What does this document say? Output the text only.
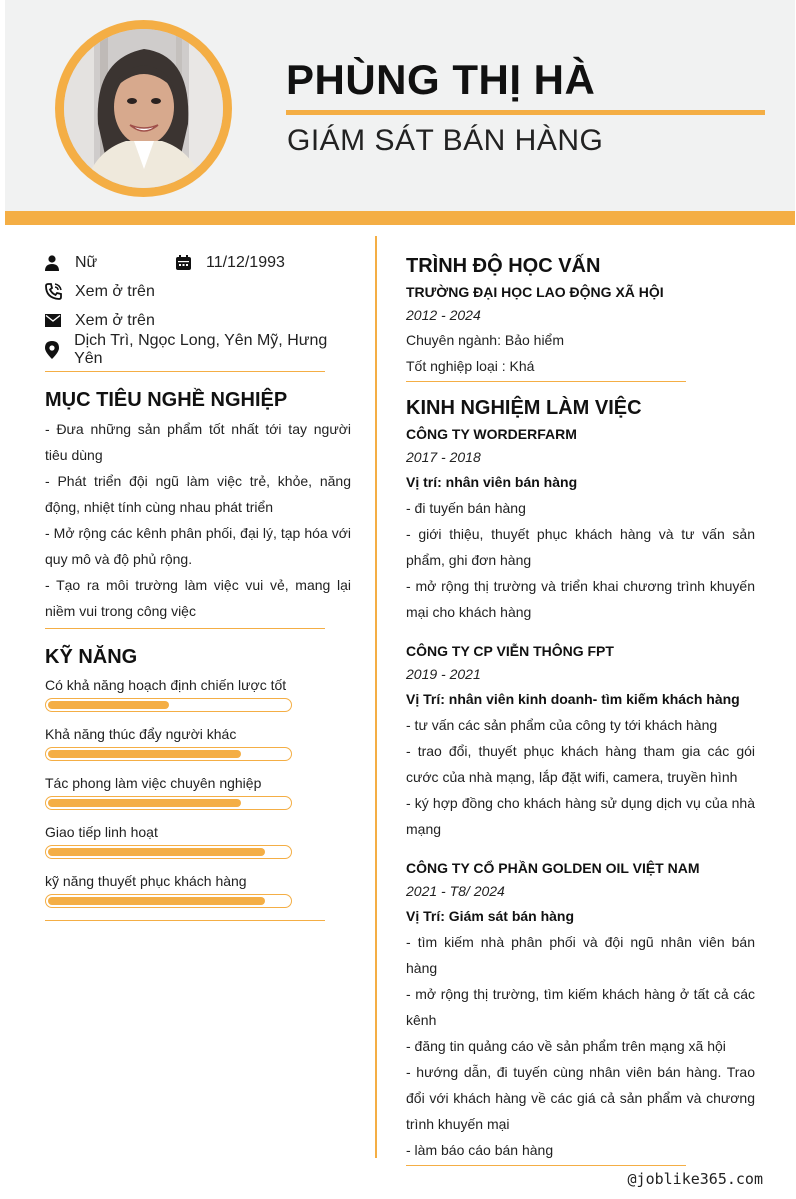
PHÙNG THỊ HÀ
GIÁM SÁT BÁN HÀNG
Nữ	11/12/1993
Xem ở trên
Xem ở trên
Dịch Trì, Ngọc Long, Yên Mỹ, Hưng Yên
MỤC TIÊU NGHỀ NGHIỆP
- Đưa những sản phẩm tốt nhất tới tay người tiêu dùng
- Phát triển đội ngũ làm việc trẻ, khỏe, năng động, nhiệt tính cùng nhau phát triển
- Mở rộng các kênh phân phối, đại lý, tạp hóa với quy mô và độ phủ rộng.
- Tạo ra môi trường làm việc vui vẻ, mang lại niềm vui trong công việc
KỸ NĂNG
Có khả năng hoạch định chiến lược tốt
Khả năng thúc đẩy người khác
Tác phong làm việc chuyên nghiệp
Giao tiếp linh hoạt
kỹ năng thuyết phục khách hàng
TRÌNH ĐỘ HỌC VẤN
TRƯỜNG ĐẠI HỌC LAO ĐỘNG XÃ HỘI
2012 - 2024
Chuyên ngành: Bảo hiểm
Tốt nghiệp loại : Khá
KINH NGHIỆM LÀM VIỆC
CÔNG TY WORDERFARM
2017 - 2018
Vị trí: nhân viên bán hàng
- đi tuyến bán hàng
- giới thiệu, thuyết phục khách hàng và tư vấn sản phẩm, ghi đơn hàng
- mở rộng thị trường và triển khai chương trình khuyến mại cho khách hàng
CÔNG TY CP VIỄN THÔNG FPT
2019 - 2021
Vị Trí: nhân viên kinh doanh- tìm kiếm khách hàng
- tư vấn các sản phẩm của công ty tới khách hàng
- trao đổi, thuyết phục khách hàng tham gia các gói cước của nhà mạng, lắp đặt wifi, camera, truyền hình
- ký hợp đồng cho khách hàng sử dụng dịch vụ của nhà mạng
CÔNG TY CỔ PHẦN GOLDEN OIL VIỆT NAM
2021 - T8/ 2024
Vị Trí: Giám sát bán hàng
- tìm kiếm nhà phân phối và đội ngũ nhân viên bán hàng
- mở rộng thị trường, tìm kiếm khách hàng ở tất cả các kênh
- đăng tin quảng cáo về sản phẩm trên mạng xã hội
- hướng dẫn, đi tuyến cùng nhân viên bán hàng. Trao đổi với khách hàng về các giá cả sản phẩm và chương trình khuyến mại
- làm báo cáo bán hàng
@joblike365.com
